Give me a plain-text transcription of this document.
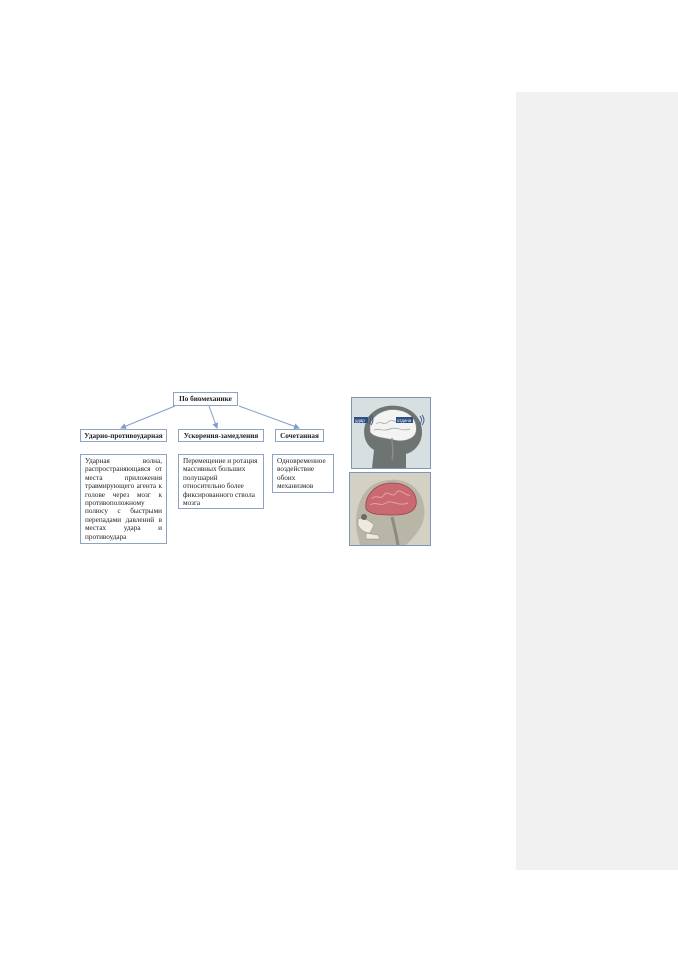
По биомеханике
Ударно-противоударная	Ускорения-замедления	Сочетанная
Ударная волна, распространяющаяся от места приложения травмирующего агента к голове через мозг к противоположному полюсу с быстрыми перепадами давлений в местах удара и противоудара
Перемещение и ротация массивных больших полушарий относительно более фиксированного ствола мозга
Одновременное воздействие обоих механизмов
удар	отдача
